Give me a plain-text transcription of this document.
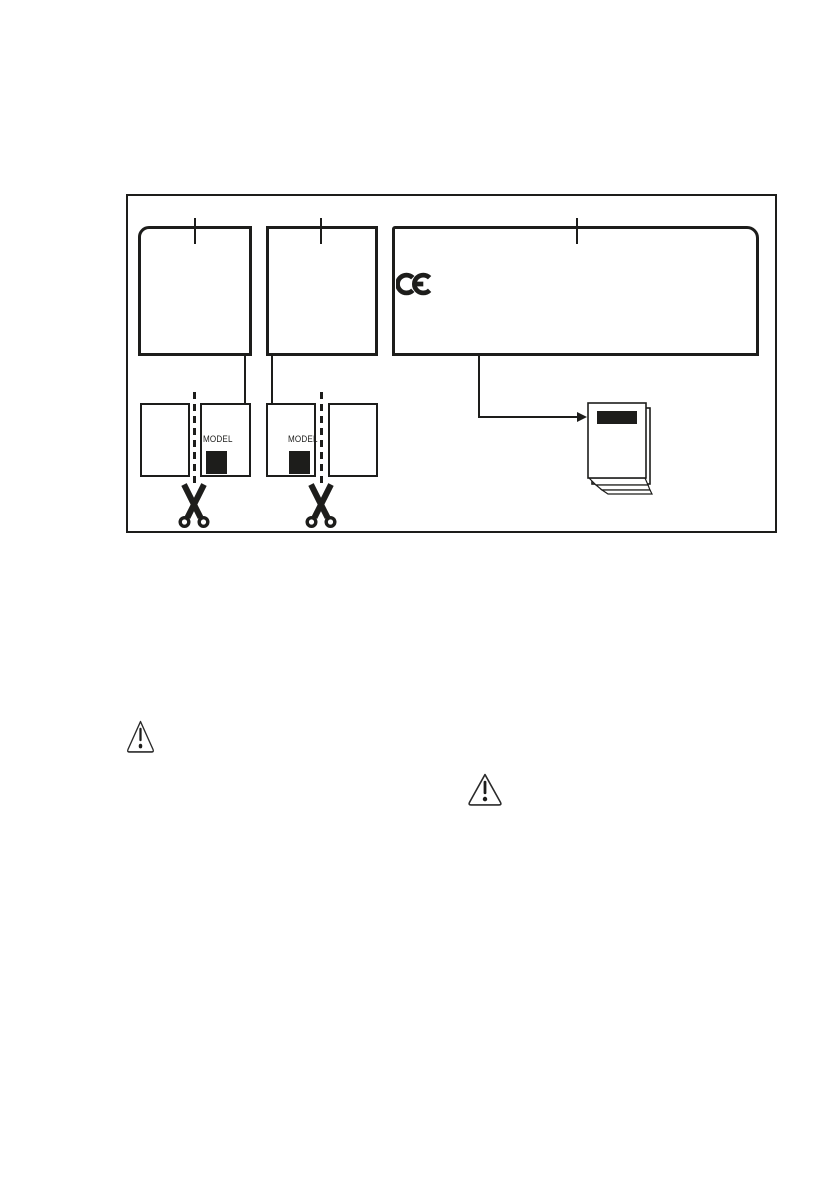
MODEL	MODEL
